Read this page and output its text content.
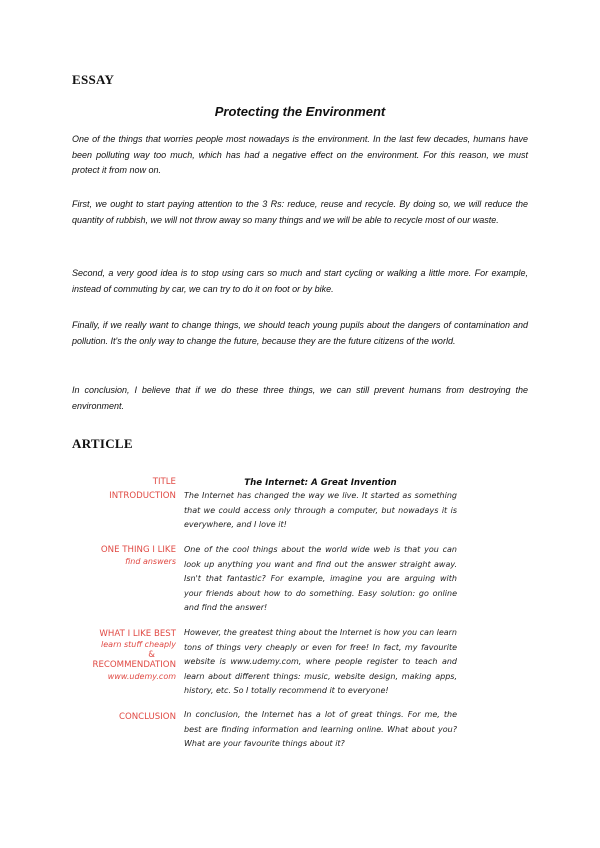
ESSAY
Protecting the Environment

One of the things that worries people most nowadays is the environment. In the last few decades, humans have been polluting way too much, which has had a negative effect on the environment. For this reason, we must protect it from now on.

First, we ought to start paying attention to the 3 Rs: reduce, reuse and recycle. By doing so, we will reduce the quantity of rubbish, we will not throw away so many things and we will be able to recycle most of our waste.

Second, a very good idea is to stop using cars so much and start cycling or walking a little more. For example, instead of commuting by car, we can try to do it on foot or by bike.

Finally, if we really want to change things, we should teach young pupils about the dangers of contamination and pollution. It's the only way to change the future, because they are the future citizens of the world.

In conclusion, I believe that if we do these three things, we can still prevent humans from destroying the environment.

ARTICLE
TITLE	The Internet: A Great Invention
INTRODUCTION The Internet has changed the way we live. It started as something that we could access only through a computer, but nowadays it is everywhere, and I love it!

ONE THING I LIKE
find answers

One of the cool things about the world wide web is that you can look up anything you want and find out the answer straight away. Isn't that fantastic? For example, imagine you are arguing with your friends about how to do something. Easy solution: go online and find the answer!

WHAT I LIKE BEST
learn stuff cheaply
&
RECOMMENDATION
www.udemy.com

However, the greatest thing about the Internet is how you can learn tons of things very cheaply or even for free! In fact, my favourite website is www.udemy.com, where people register to teach and learn about different things: music, website design, making apps, history, etc. So I totally recommend it to everyone!

CONCLUSION In conclusion, the Internet has a lot of great things. For me, the best are finding information and learning online. What about you? What are your favourite things about it?
